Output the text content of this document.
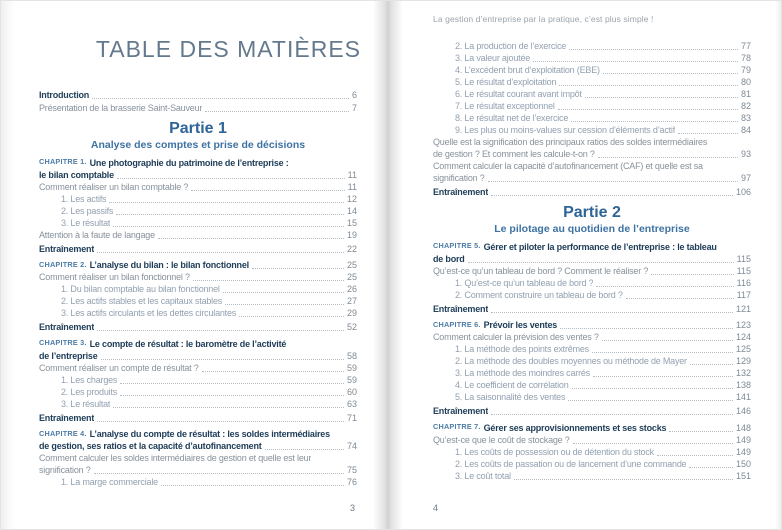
TABLE DES MATIÈRES
Introduction	6
Présentation de la brasserie Saint-Sauveur	7
Partie 1
Analyse des comptes et prise de décisions
CHAPITRE 1. Une photographie du patrimoine de l’entreprise :
le bilan comptable	11
Comment réaliser un bilan comptable ?	11
1. Les actifs	12
2. Les passifs	14
3. Le résultat	15
Attention à la faute de langage	19
Entraînement	22
CHAPITRE 2. L’analyse du bilan : le bilan fonctionnel	25
Comment réaliser un bilan fonctionnel ?	25
1. Du bilan comptable au bilan fonctionnel	26
2. Les actifs stables et les capitaux stables	27
3. Les actifs circulants et les dettes circulantes	29
Entraînement	52
CHAPITRE 3. Le compte de résultat : le baromètre de l’activité
de l’entreprise	58
Comment réaliser un compte de résultat ?	59
1. Les charges	59
2. Les produits	60
3. Le résultat	63
Entraînement	71
CHAPITRE 4. L’analyse du compte de résultat : les soldes intermédiaires
de gestion, ses ratios et la capacité d’autofinancement	74
Comment calculer les soldes intermédiaires de gestion et quelle est leur
signification ?	75
1. La marge commerciale	76
3
La gestion d’entreprise par la pratique, c’est plus simple !
2. La production de l’exercice	77
3. La valeur ajoutée	78
4. L’excédent brut d’exploitation (EBE)	79
5. Le résultat d’exploitation	80
6. Le résultat courant avant impôt	81
7. Le résultat exceptionnel	82
8. Le résultat net de l’exercice	83
9. Les plus ou moins-values sur cession d’éléments d’actif	84
Quelle est la signification des principaux ratios des soldes intermédiaires
de gestion ? Et comment les calcule-t-on ?	93
Comment calculer la capacité d’autofinancement (CAF) et quelle est sa
signification ?	97
Entraînement	106
Partie 2
Le pilotage au quotidien de l’entreprise
CHAPITRE 5. Gérer et piloter la performance de l’entreprise : le tableau
de bord	115
Qu’est-ce qu’un tableau de bord ? Comment le réaliser ?	115
1. Qu’est-ce qu’un tableau de bord ?	116
2. Comment construire un tableau de bord ?	117
Entraînement	121
CHAPITRE 6. Prévoir les ventes	123
Comment calculer la prévision des ventes ?	124
1. La méthode des points extrêmes	125
2. La méthode des doubles moyennes ou méthode de Mayer	129
3. La méthode des moindres carrés	132
4. Le coefficient de corrélation	138
5. La saisonnalité des ventes	141
Entraînement	146
CHAPITRE 7. Gérer ses approvisionnements et ses stocks	148
Qu’est-ce que le coût de stockage ?	149
1. Les coûts de possession ou de détention du stock	149
2. Les coûts de passation ou de lancement d’une commande	150
3. Le coût total	151
4
